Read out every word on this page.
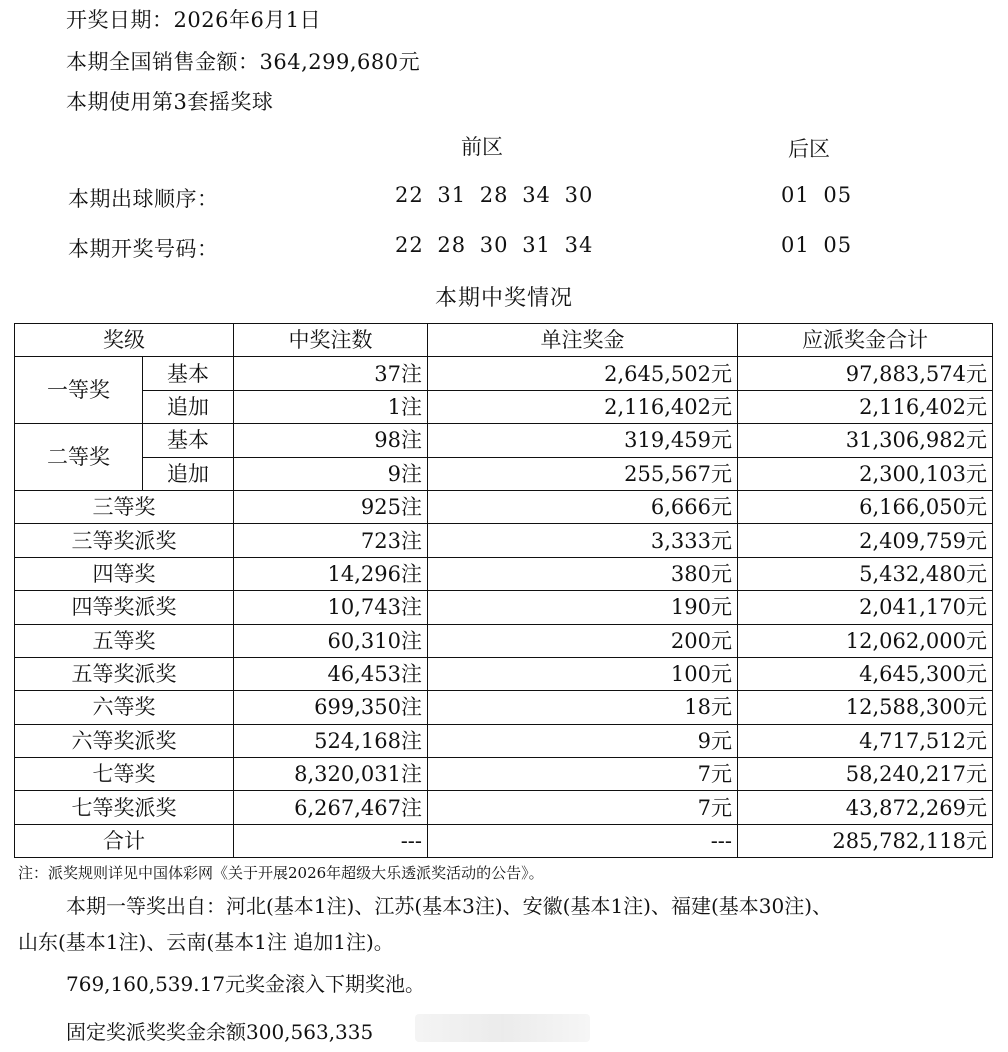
开奖日期：2026年6月1日
本期全国销售金额：364,299,680元
本期使用第3套摇奖球
前区	后区
本期出球顺序：	22 31 28 34 30	01 05
本期开奖号码：	22 28 30 31 34	01 05
本期中奖情况
奖级		中奖注数	单注奖金	应派奖金合计
一等奖	基本	37注	2,645,502元	97,883,574元
	追加	1注	2,116,402元	2,116,402元
二等奖	基本	98注	319,459元	31,306,982元
	追加	9注	255,567元	2,300,103元
三等奖		925注	6,666元	6,166,050元
三等奖派奖		723注	3,333元	2,409,759元
四等奖		14,296注	380元	5,432,480元
四等奖派奖		10,743注	190元	2,041,170元
五等奖		60,310注	200元	12,062,000元
五等奖派奖		46,453注	100元	4,645,300元
六等奖		699,350注	18元	12,588,300元
六等奖派奖		524,168注	9元	4,717,512元
七等奖		8,320,031注	7元	58,240,217元
七等奖派奖		6,267,467注	7元	43,872,269元
合计		---	---	285,782,118元
注：派奖规则详见中国体彩网《关于开展2026年超级大乐透派奖活动的公告》。
本期一等奖出自：河北(基本1注)、江苏(基本3注)、安徽(基本1注)、福建(基本30注)、
山东(基本1注)、云南(基本1注 追加1注)。
769,160,539.17元奖金滚入下期奖池。
固定奖派奖奖金余额300,563,335
